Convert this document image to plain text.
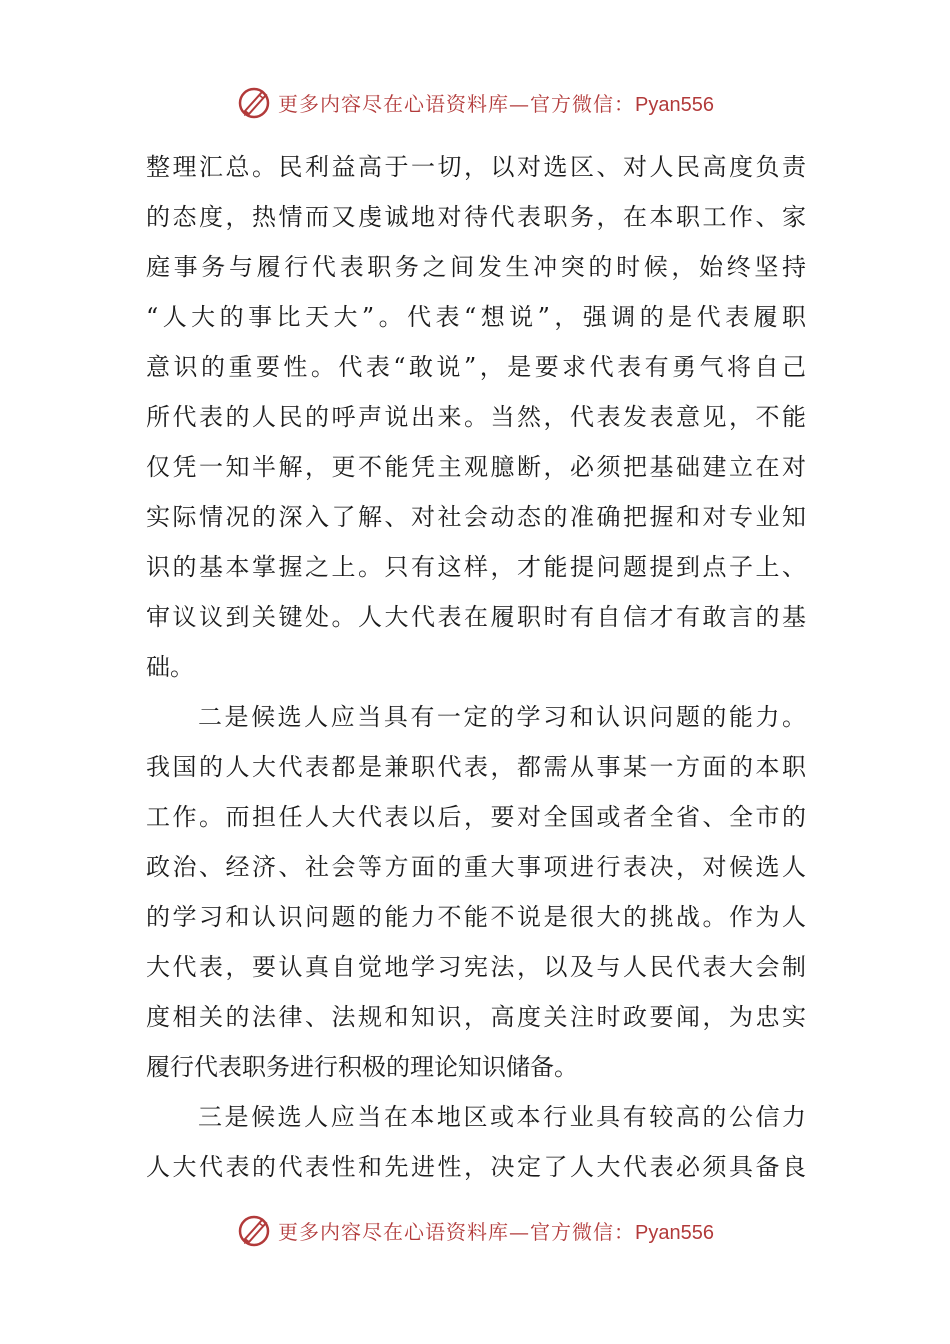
更多内容尽在心语资料库—官方微信：Pyan556
整理汇总。民利益高于一切，以对选区、对人民高度负责
的态度，热情而又虔诚地对待代表职务，在本职工作、家
庭事务与履行代表职务之间发生冲突的时候，始终坚持
“人大的事比天大”。代表“想说”，强调的是代表履职
意识的重要性。代表“敢说”，是要求代表有勇气将自己
所代表的人民的呼声说出来。当然，代表发表意见，不能
仅凭一知半解，更不能凭主观臆断，必须把基础建立在对
实际情况的深入了解、对社会动态的准确把握和对专业知
识的基本掌握之上。只有这样，才能提问题提到点子上、
审议议到关键处。人大代表在履职时有自信才有敢言的基
础。
二是候选人应当具有一定的学习和认识问题的能力。
我国的人大代表都是兼职代表，都需从事某一方面的本职
工作。而担任人大代表以后，要对全国或者全省、全市的
政治、经济、社会等方面的重大事项进行表决，对候选人
的学习和认识问题的能力不能不说是很大的挑战。作为人
大代表，要认真自觉地学习宪法，以及与人民代表大会制
度相关的法律、法规和知识，高度关注时政要闻，为忠实
履行代表职务进行积极的理论知识储备。
三是候选人应当在本地区或本行业具有较高的公信力
人大代表的代表性和先进性，决定了人大代表必须具备良
更多内容尽在心语资料库—官方微信：Pyan556
